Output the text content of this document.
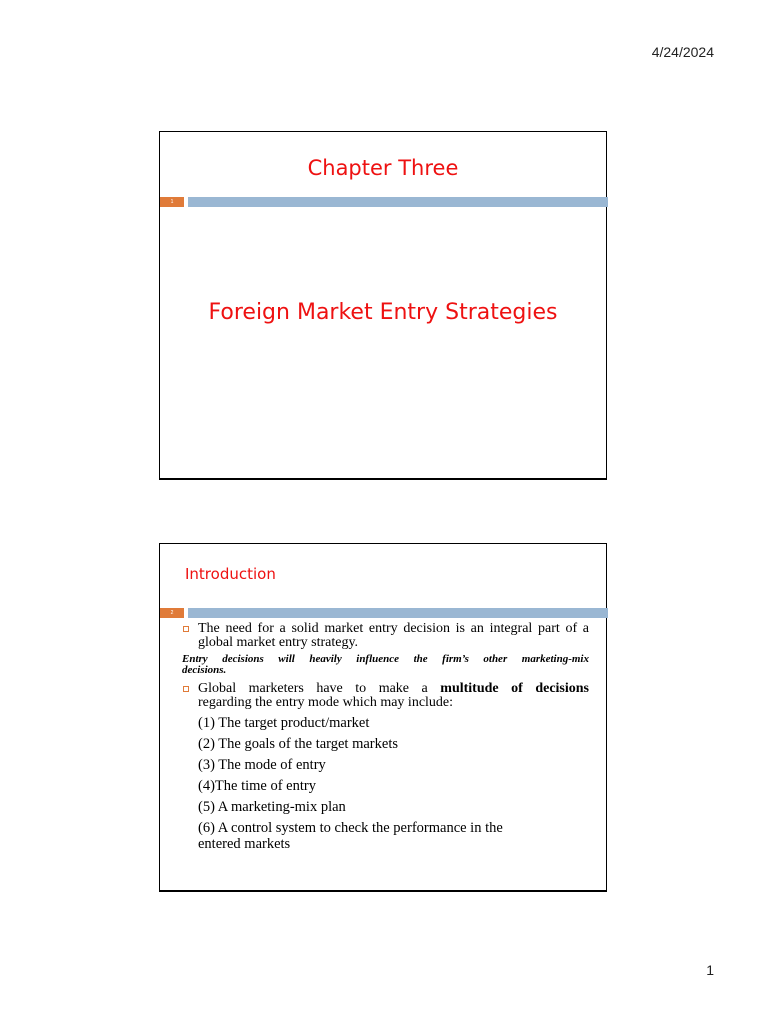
4/24/2024
Chapter Three
1
Foreign Market Entry Strategies
Introduction
2
The need for a solid market entry decision is an integral part of a
global market entry strategy.
Entry decisions will heavily influence the firm’s other marketing-mix
decisions.
Global marketers have to make a multitude of decisions
regarding the entry mode which may include:
(1) The target product/market
(2) The goals of the target markets
(3) The mode of entry
(4)The time of entry
(5) A marketing-mix plan
(6) A control system to check the performance in the
entered markets
1
